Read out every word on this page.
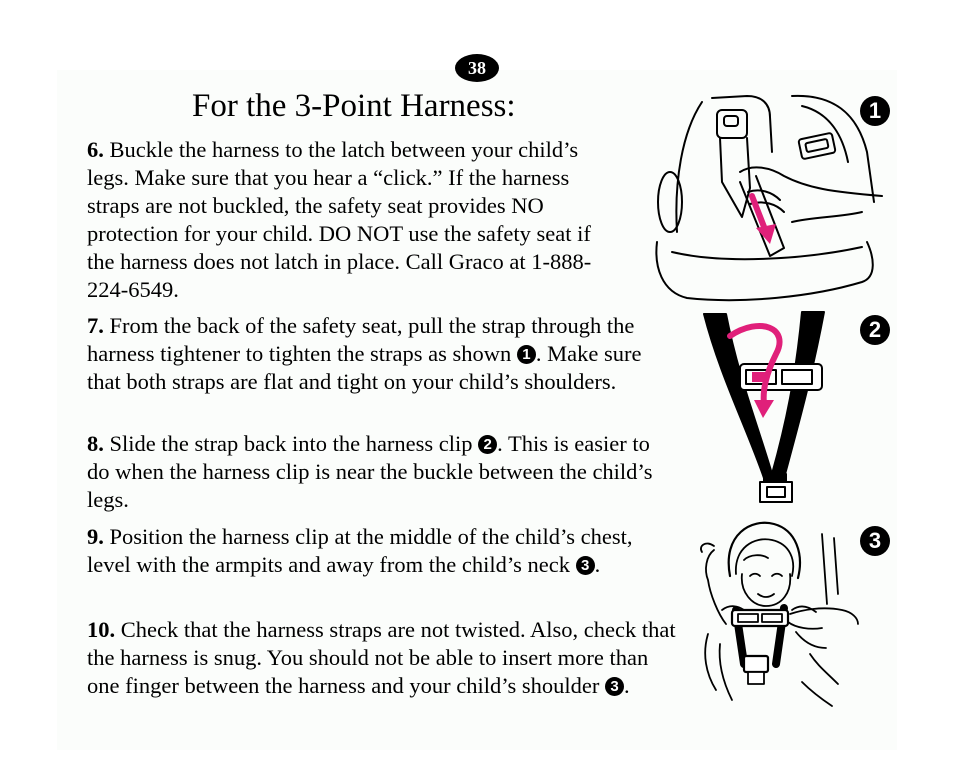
38
For the 3-Point Harness:

6. Buckle the harness to the latch between your child’s legs. Make sure that you hear a “click.” If the harness straps are not buckled, the safety seat provides NO protection for your child. DO NOT use the safety seat if the harness does not latch in place. Call Graco at 1-888-224-6549.

7. From the back of the safety seat, pull the strap through the harness tightener to tighten the straps as shown 1 . Make sure that both straps are flat and tight on your child’s shoulders.

8. Slide the strap back into the harness clip 2 . This is easier to do when the harness clip is near the buckle between the child’s legs.

9. Position the harness clip at the middle of the child’s chest, level with the armpits and away from the child’s neck 3 .

10. Check that the harness straps are not twisted. Also, check that the harness is snug. You should not be able to insert more than one finger between the harness and your child’s shoulder 3 .

1
2
3
